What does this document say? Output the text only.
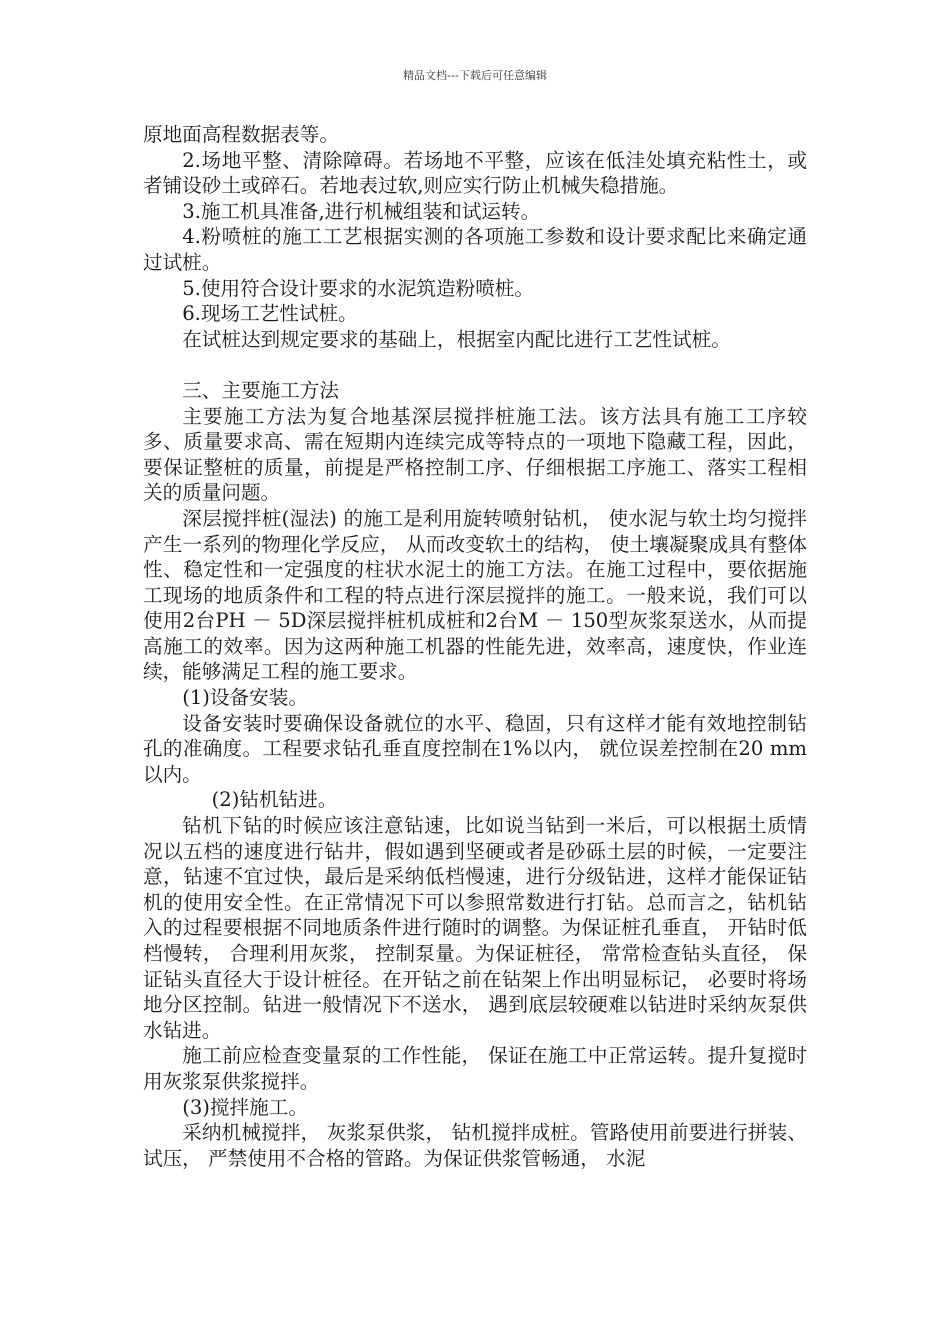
精品文档---下载后可任意编辑

原地面高程数据表等。

2.场地平整、清除障碍。若场地不平整，应该在低洼处填充粘性土，或者铺设砂土或碎石。若地表过软,则应实行防止机械失稳措施。

3.施工机具准备,进行机械组装和试运转。

4.粉喷桩的施工工艺根据实测的各项施工参数和设计要求配比来确定通过试桩。

5.使用符合设计要求的水泥筑造粉喷桩。

6.现场工艺性试桩。

在试桩达到规定要求的基础上，根据室内配比进行工艺性试桩。

三、主要施工方法

主要施工方法为复合地基深层搅拌桩施工法。该方法具有施工工序较多、质量要求高、需在短期内连续完成等特点的一项地下隐藏工程，因此，要保证整桩的质量，前提是严格控制工序、仔细根据工序施工、落实工程相关的质量问题。

深层搅拌桩(湿法) 的施工是利用旋转喷射钻机， 使水泥与软土均匀搅拌产生一系列的物理化学反应， 从而改变软土的结构， 使土壤凝聚成具有整体性、稳定性和一定强度的柱状水泥土的施工方法。在施工过程中，要依据施工现场的地质条件和工程的特点进行深层搅拌的施工。一般来说，我们可以使用2台PH － 5D深层搅拌桩机成桩和2台M － 150型灰浆泵送水，从而提高施工的效率。因为这两种施工机器的性能先进，效率高，速度快，作业连续，能够满足工程的施工要求。

(1)设备安装。

设备安装时要确保设备就位的水平、稳固，只有这样才能有效地控制钻孔的准确度。工程要求钻孔垂直度控制在1%以内， 就位误差控制在20 mm 以内。

(2)钻机钻进。

钻机下钻的时候应该注意钻速，比如说当钻到一米后，可以根据土质情况以五档的速度进行钻井，假如遇到坚硬或者是砂砾土层的时候，一定要注意，钻速不宜过快，最后是采纳低档慢速，进行分级钻进，这样才能保证钻机的使用安全性。在正常情况下可以参照常数进行打钻。总而言之，钻机钻入的过程要根据不同地质条件进行随时的调整。为保证桩孔垂直， 开钻时低档慢转， 合理利用灰浆， 控制泵量。为保证桩径， 常常检查钻头直径， 保证钻头直径大于设计桩径。在开钻之前在钻架上作出明显标记， 必要时将场地分区控制。钻进一般情况下不送水， 遇到底层较硬难以钻进时采纳灰泵供水钻进。

施工前应检查变量泵的工作性能， 保证在施工中正常运转。提升复搅时用灰浆泵供浆搅拌。

(3)搅拌施工。

采纳机械搅拌， 灰浆泵供浆， 钻机搅拌成桩。管路使用前要进行拼装、试压， 严禁使用不合格的管路。为保证供浆管畅通， 水泥
